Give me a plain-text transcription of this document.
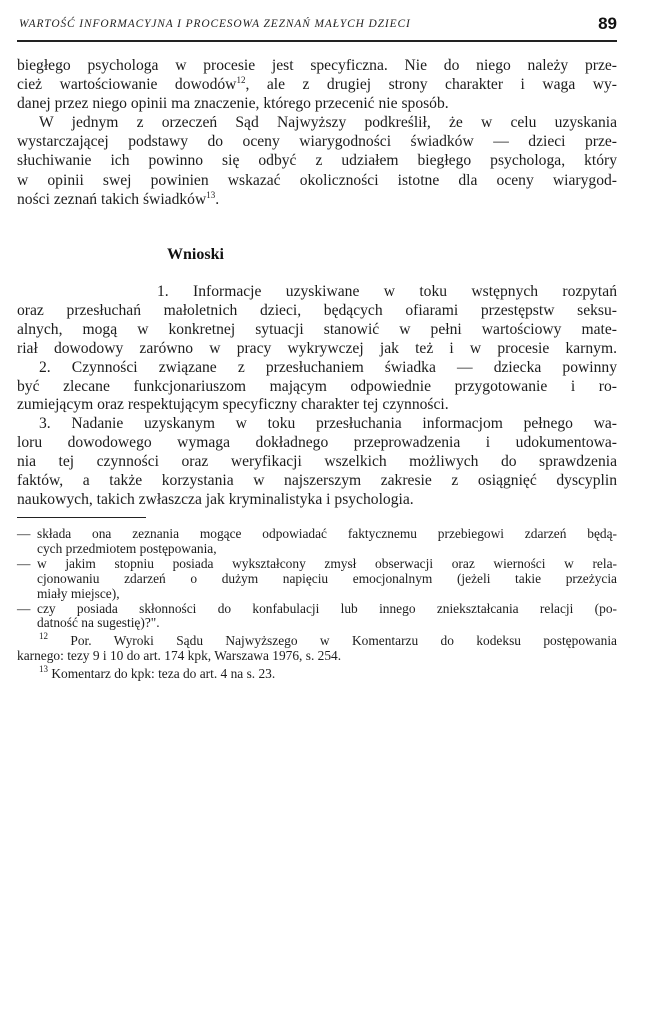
WARTOŚĆ INFORMACYJNA I PROCESOWA ZEZNAŃ MAŁYCH DZIECI	89

biegłego psychologa w procesie jest specyficzna. Nie do niego należy prze-
cież wartościowanie dowodów$^{12}$, ale z drugiej strony charakter i waga wy-
danej przez niego opinii ma znaczenie, którego przecenić nie sposób.

W jednym z orzeczeń Sąd Najwyższy podkreślił, że w celu uzyskania
wystarczającej podstawy do oceny wiarygodności świadków — dzieci prze-
słuchiwanie ich powinno się odbyć z udziałem biegłego psychologa, który
w opinii swej powinien wskazać okoliczności istotne dla oceny wiarygod-
ności zeznań takich świadków$^{13}$.

Wnioski
1. Informacje uzyskiwane w toku wstępnych rozpytań
oraz przesłuchań małoletnich dzieci, będących ofiarami przestępstw seksu-
alnych, mogą w konkretnej sytuacji stanowić w pełni wartościowy mate-
riał dowodowy zarówno w pracy wykrywczej jak też i w procesie karnym.
2. Czynności związane z przesłuchaniem świadka — dziecka powinny
być zlecane funkcjonariuszom mającym odpowiednie przygotowanie i ro-
zumiejącym oraz respektującym specyficzny charakter tej czynności.
3. Nadanie uzyskanym w toku przesłuchania informacjom pełnego wa-
loru dowodowego wymaga dokładnego przeprowadzenia i udokumentowa-
nia tej czynności oraz weryfikacji wszelkich możliwych do sprawdzenia
faktów, a także korzystania w najszerszym zakresie z osiągnięć dyscyplin
naukowych, takich zwłaszcza jak kryminalistyka i psychologia.
— składa ona zeznania mogące odpowiadać faktycznemu przebiegowi zdarzeń będą-
cych przedmiotem postępowania,
— w jakim stopniu posiada wykształcony zmysł obserwacji oraz wierności w rela-
cjonowaniu zdarzeń o dużym napięciu emocjonalnym (jeżeli takie przeżycia
miały miejsce),
— czy posiada skłonności do konfabulacji lub innego zniekształcania relacji (po-
datność na sugestię)?".
$^{12}$ Por. Wyroki Sądu Najwyższego w Komentarzu do kodeksu postępowania
karnego: tezy 9 i 10 do art. 174 kpk, Warszawa 1976, s. 254.
$^{13}$ Komentarz do kpk: teza do art. 4 na s. 23.
